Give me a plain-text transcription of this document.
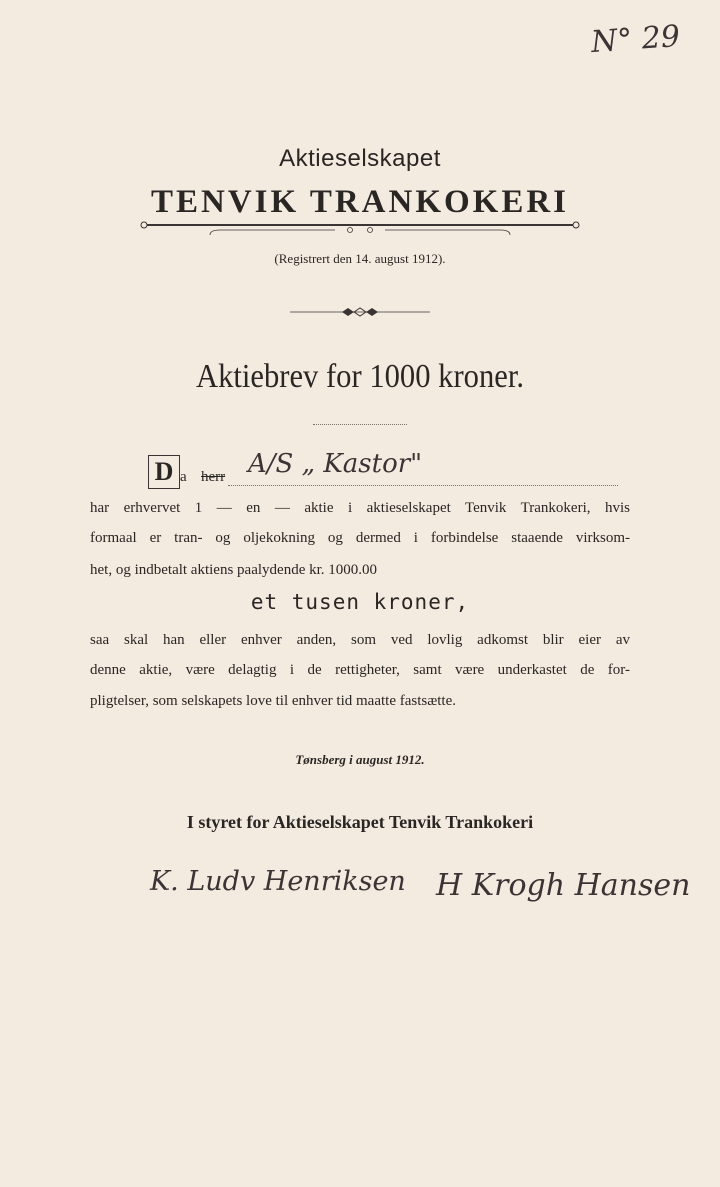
N° 29
Aktieselskapet
TENVIK TRANKOKERI
(Registrert den 14. august 1912).
Aktiebrev for 1000 kroner.
D a herr A/S „ Kastor"
har erhvervet 1 — en — aktie i aktieselskapet Tenvik Trankokeri, hvis
formaal er tran- og oljekokning og dermed i forbindelse staaende virksom-
het, og indbetalt aktiens paalydende kr. 1000.00
et tusen kroner,
saa skal han eller enhver anden, som ved lovlig adkomst blir eier av
denne aktie, være delagtig i de rettigheter, samt være underkastet de for-
pligtelser, som selskapets love til enhver tid maatte fastsætte.
Tønsberg i august 1912.
I styret for Aktieselskapet Tenvik Trankokeri
K. Ludv Henriksen H Krogh Hansen
